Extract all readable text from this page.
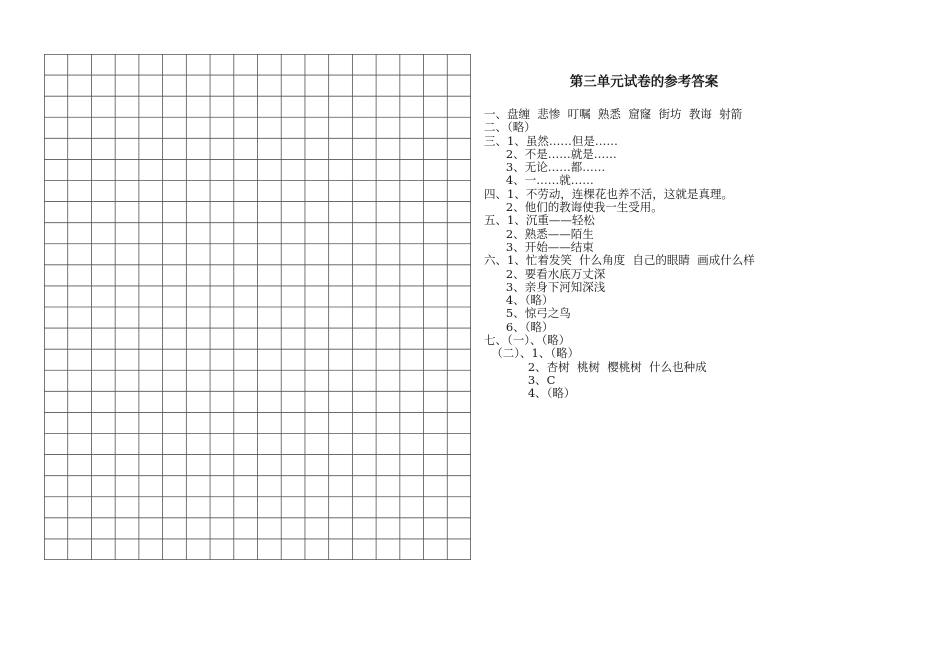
第三单元试卷的参考答案
一、盘缠  悲惨  叮嘱  熟悉  窟窿  街坊  教诲  射箭
二、（略）
三、1、虽然……但是……
2、不是……就是……
3、无论……都……
4、一……就……
四、1、不劳动，连棵花也养不活，这就是真理。
2、他们的教诲使我一生受用。
五、1、沉重——轻松
2、熟悉——陌生
3、开始——结束
六、1、忙着发笑  什么角度  自己的眼睛  画成什么样
2、要看水底万丈深
3、亲身下河知深浅
4、（略）
5、惊弓之鸟
6、（略）
七、（一）、（略）
（二）、1、（略）
2、杏树  桃树  樱桃树  什么也种成
3、C
4、（略）
